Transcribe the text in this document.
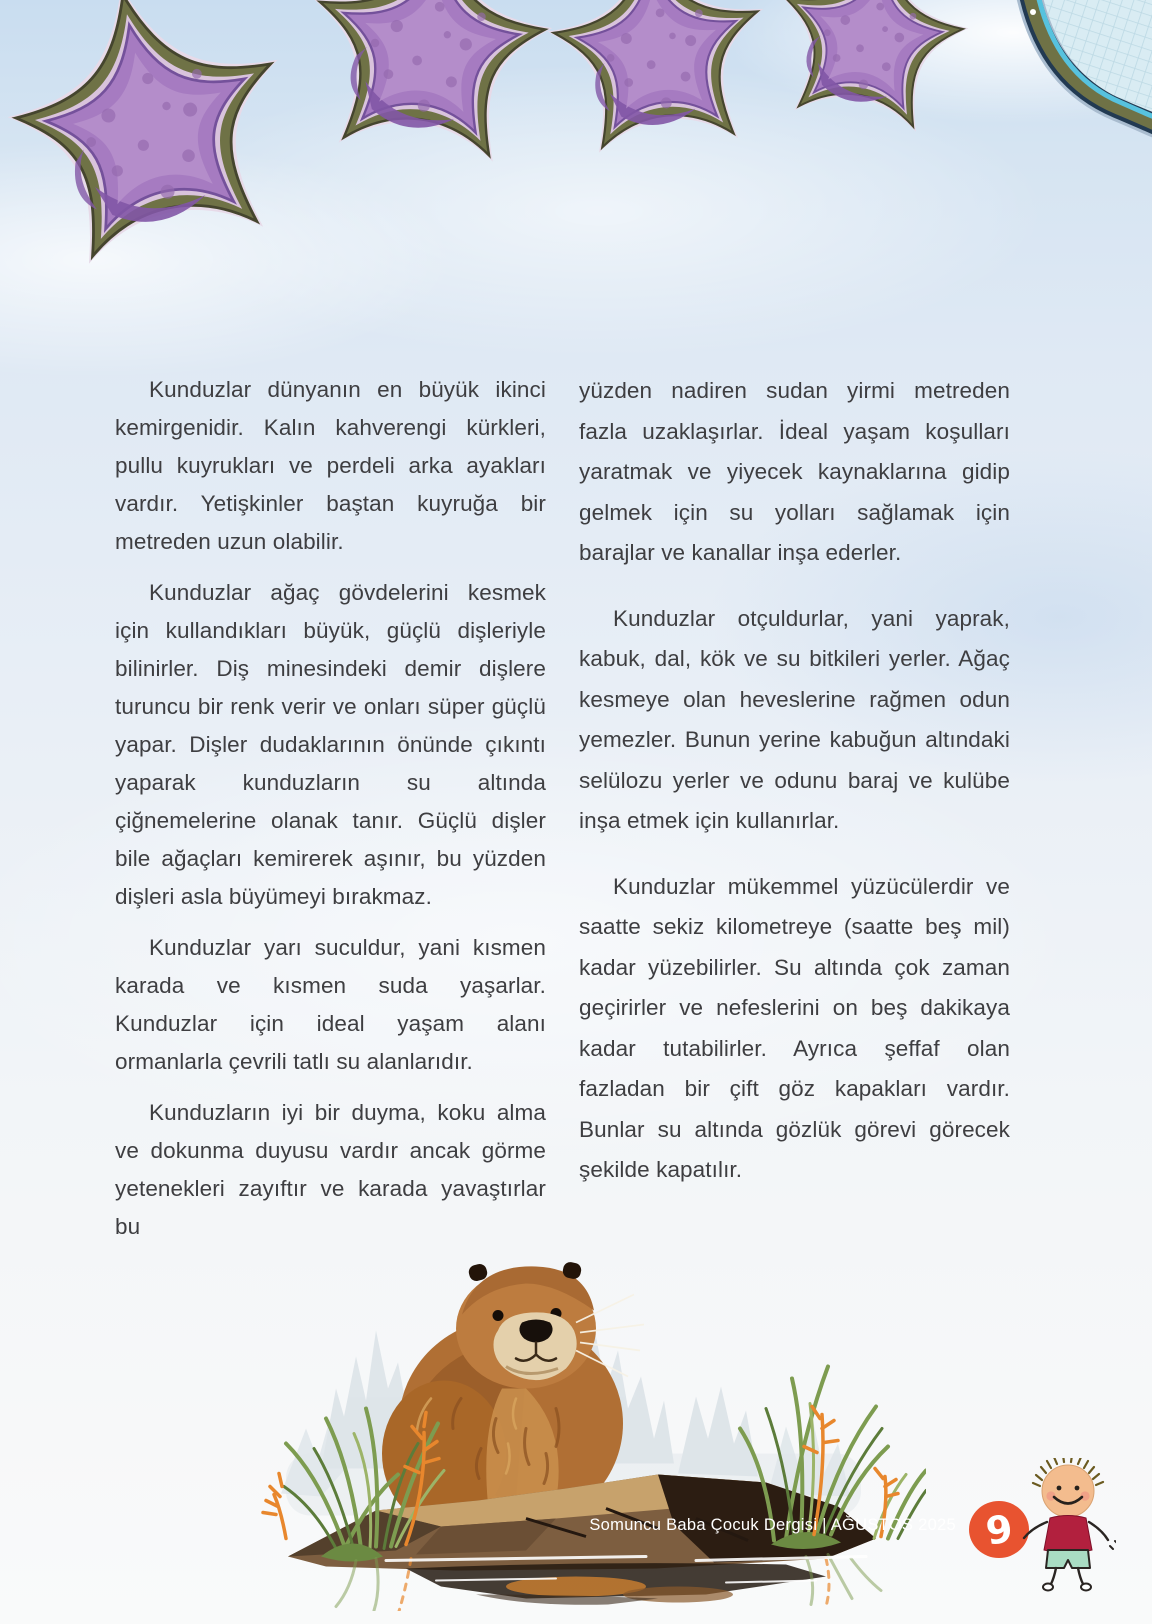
Kunduzlar dünyanın en büyük ikinci kemirgenidir. Kalın kahverengi kürkleri, pullu kuyrukları ve perdeli arka ayakları vardır. Yetişkinler baştan kuyruğa bir metreden uzun olabilir.

Kunduzlar ağaç gövdelerini kesmek için kullandıkları büyük, güçlü dişleriyle bilinirler. Diş minesindeki demir dişlere turuncu bir renk verir ve onları süper güçlü yapar. Dişler dudaklarının önünde çıkıntı yaparak kunduzların su altında çiğnemelerine olanak tanır. Güçlü dişler bile ağaçları kemirerek aşınır, bu yüzden dişleri asla büyümeyi bırakmaz.

Kunduzlar yarı suculdur, yani kısmen karada ve kısmen suda yaşarlar. Kunduzlar için ideal yaşam alanı ormanlarla çevrili tatlı su alanlarıdır.

Kunduzların iyi bir duyma, koku alma ve dokunma duyusu vardır ancak görme yetenekleri zayıftır ve karada yavaştırlar bu

yüzden nadiren sudan yirmi metreden fazla uzaklaşırlar. İdeal yaşam koşulları yaratmak ve yiyecek kaynaklarına gidip gelmek için su yolları sağlamak için barajlar ve kanallar inşa ederler.

Kunduzlar otçuldurlar, yani yaprak, kabuk, dal, kök ve su bitkileri yerler. Ağaç kesmeye olan heveslerine rağmen odun yemezler. Bunun yerine kabuğun altındaki selülozu yerler ve odunu baraj ve kulübe inşa etmek için kullanırlar.

Kunduzlar mükemmel yüzücülerdir ve saatte sekiz kilometreye (saatte beş mil) kadar yüzebilirler. Su altında çok zaman geçirirler ve nefeslerini on beş dakikaya kadar tutabilirler. Ayrıca şeffaf olan fazladan bir çift göz kapakları vardır. Bunlar su altında gözlük görevi görecek şekilde kapatılır.

Somuncu Baba Çocuk Dergisi | AĞUSTOS 2025 9
